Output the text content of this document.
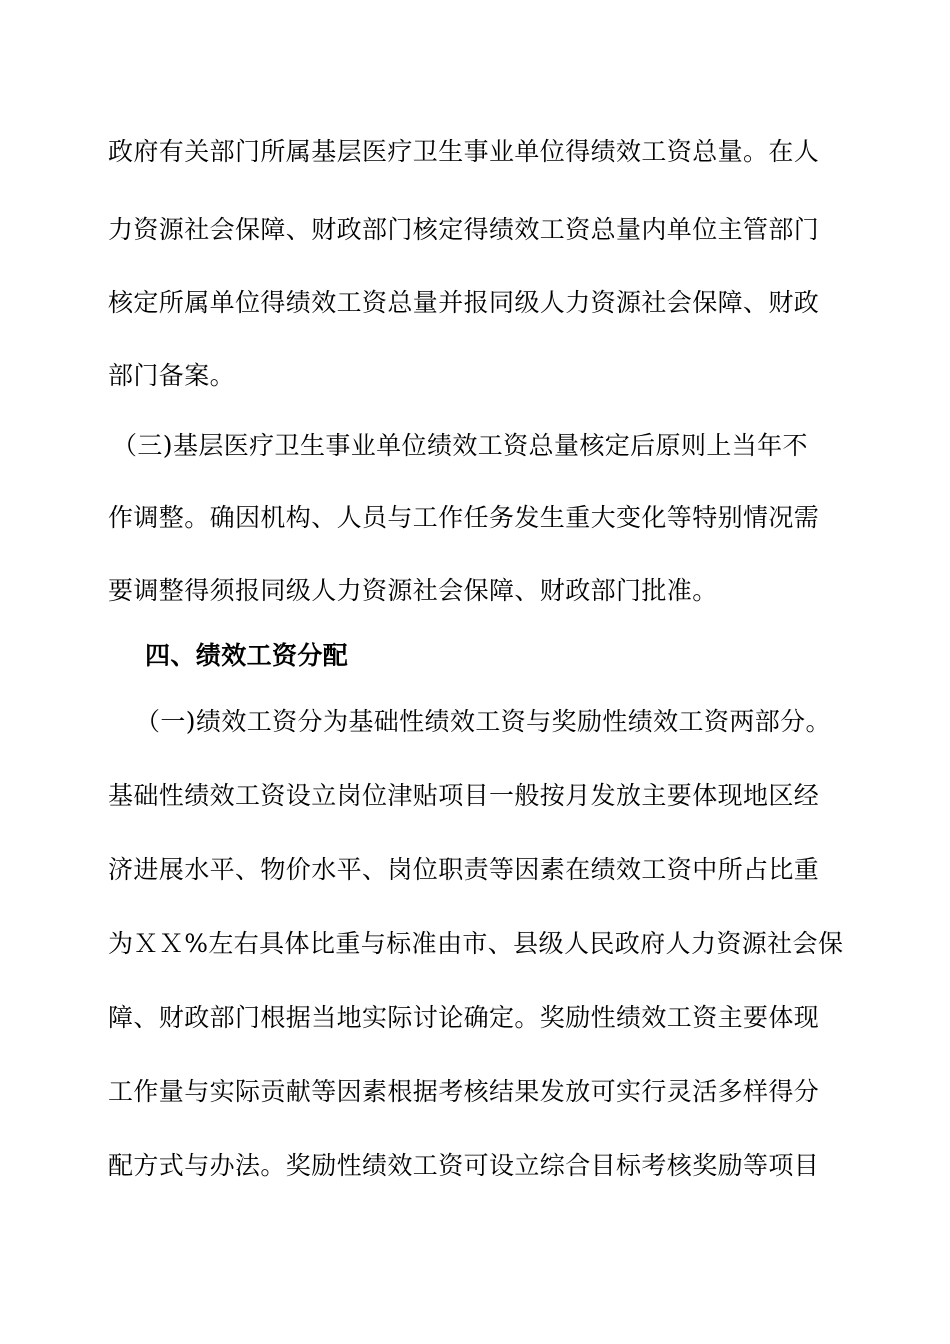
政府有关部门所属基层医疗卫生事业单位得绩效工资总量。在人
力资源社会保障、财政部门核定得绩效工资总量内单位主管部门
核定所属单位得绩效工资总量并报同级人力资源社会保障、财政
部门备案。
（三)基层医疗卫生事业单位绩效工资总量核定后原则上当年不
作调整。确因机构、人员与工作任务发生重大变化等特别情况需
要调整得须报同级人力资源社会保障、财政部门批准。
四、绩效工资分配
（一)绩效工资分为基础性绩效工资与奖励性绩效工资两部分。
基础性绩效工资设立岗位津贴项目一般按月发放主要体现地区经
济进展水平、物价水平、岗位职责等因素在绩效工资中所占比重
为ＸＸ%左右具体比重与标准由市、县级人民政府人力资源社会保
障、财政部门根据当地实际讨论确定。奖励性绩效工资主要体现
工作量与实际贡献等因素根据考核结果发放可实行灵活多样得分
配方式与办法。奖励性绩效工资可设立综合目标考核奖励等项目
